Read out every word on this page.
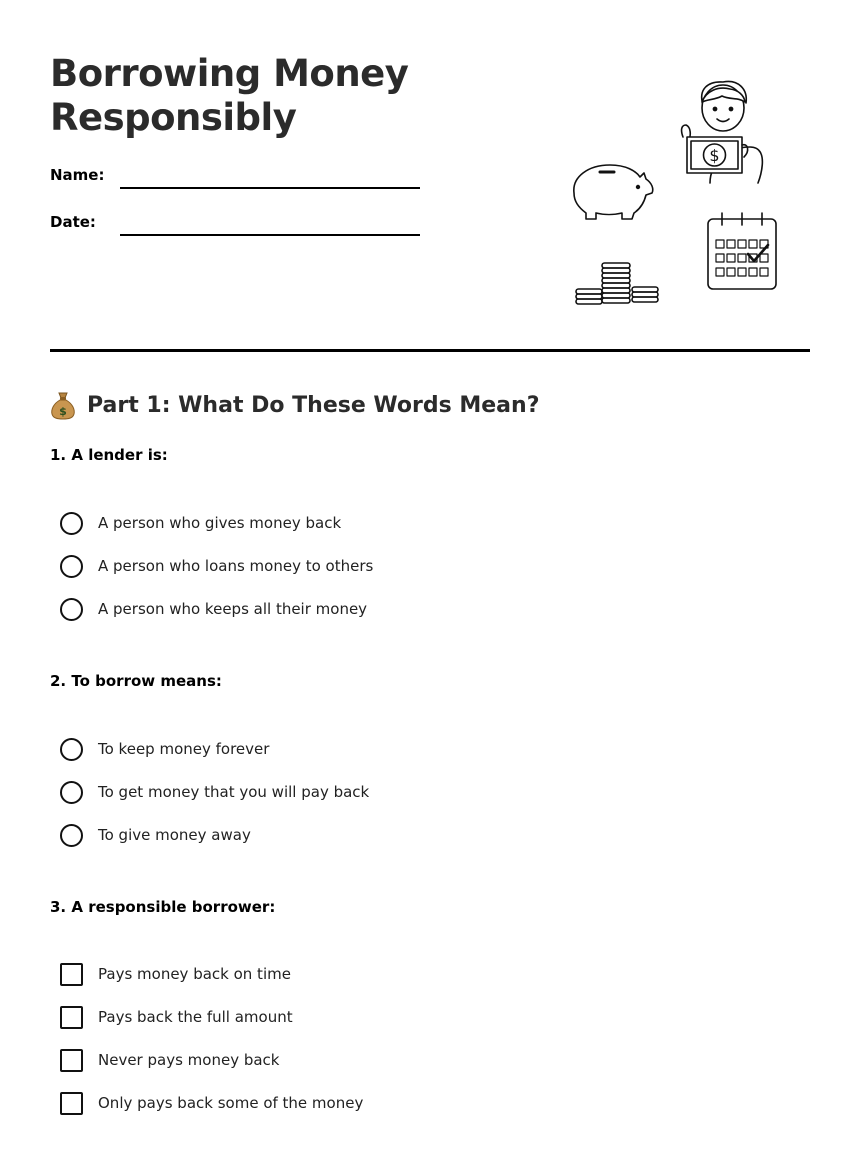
Borrowing Money Responsibly
Name:
Date:
$
$ Part 1: What Do These Words Mean?
1. A lender is:
A person who gives money back
A person who loans money to others
A person who keeps all their money
2. To borrow means:
To keep money forever
To get money that you will pay back
To give money away
3. A responsible borrower:
Pays money back on time
Pays back the full amount
Never pays money back
Only pays back some of the money
